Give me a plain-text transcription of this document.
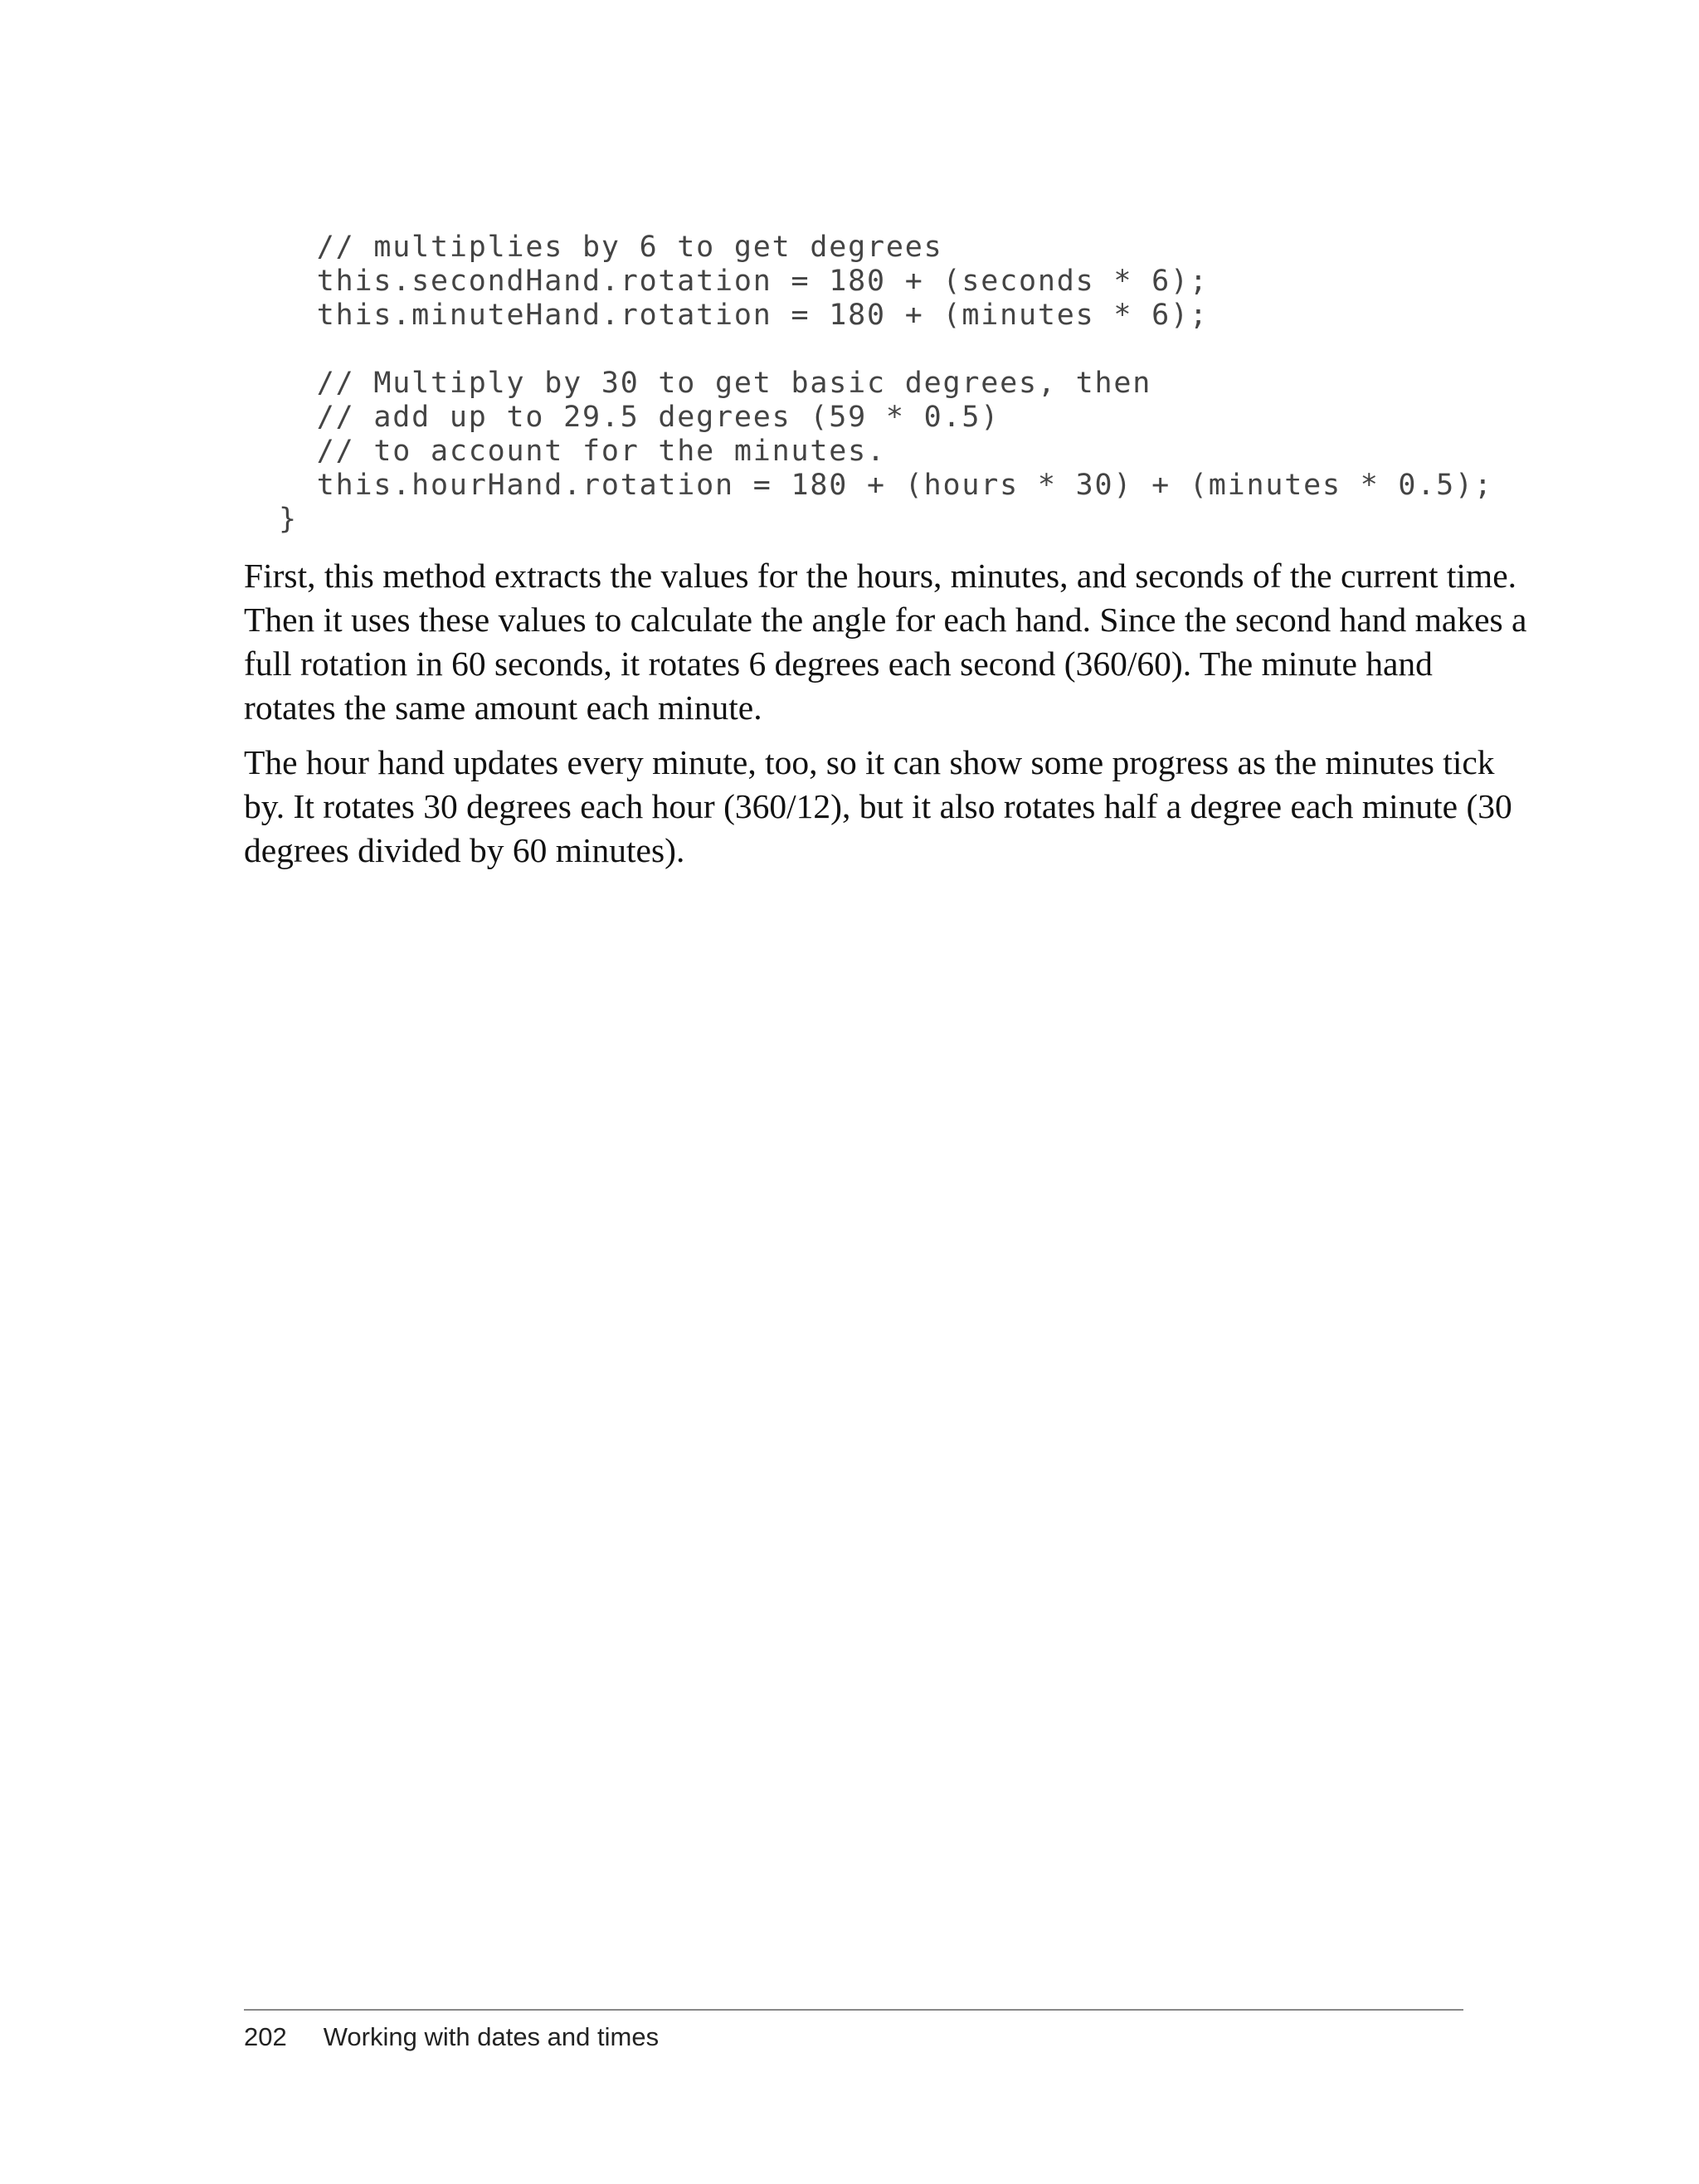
// multiplies by 6 to get degrees
this.secondHand.rotation = 180 + (seconds * 6);
this.minuteHand.rotation = 180 + (minutes * 6);
// Multiply by 30 to get basic degrees, then
// add up to 29.5 degrees (59 * 0.5)
// to account for the minutes.
this.hourHand.rotation = 180 + (hours * 30) + (minutes * 0.5);
}

First, this method extracts the values for the hours, minutes, and seconds of the current time.
Then it uses these values to calculate the angle for each hand. Since the second hand makes a
full rotation in 60 seconds, it rotates 6 degrees each second (360/60). The minute hand
rotates the same amount each minute.

The hour hand updates every minute, too, so it can show some progress as the minutes tick
by. It rotates 30 degrees each hour (360/12), but it also rotates half a degree each minute (30
degrees divided by 60 minutes).

202 Working with dates and times
